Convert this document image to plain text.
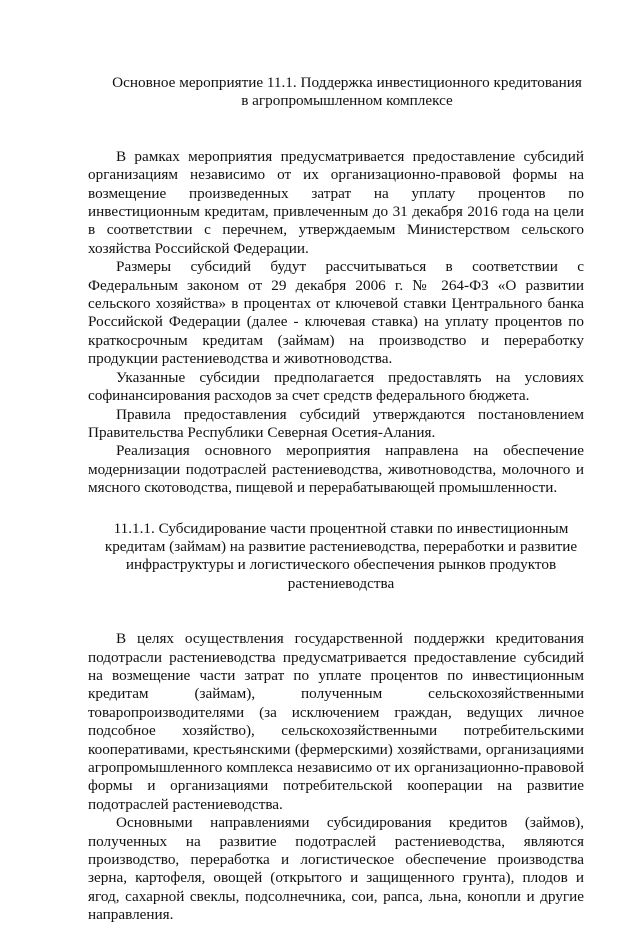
Основное мероприятие 11.1. Поддержка инвестиционного кредитования в агропромышленном комплексе

В рамках мероприятия предусматривается предоставление субсидий организациям независимо от их организационно-правовой формы на возмещение произведенных затрат на уплату процентов по инвестиционным кредитам, привлеченным до 31 декабря 2016 года на цели в соответствии с перечнем, утверждаемым Министерством сельского хозяйства Российской Федерации.

Размеры субсидий будут рассчитываться в соответствии с Федеральным законом от 29 декабря 2006 г. № 264-ФЗ «О развитии сельского хозяйства» в процентах от ключевой ставки Центрального банка Российской Федерации (далее - ключевая ставка) на уплату процентов по краткосрочным кредитам (займам) на производство и переработку продукции растениеводства и животноводства.

Указанные субсидии предполагается предоставлять на условиях софинансирования расходов за счет средств федерального бюджета.

Правила предоставления субсидий утверждаются постановлением Правительства Республики Северная Осетия-Алания.

Реализация основного мероприятия направлена на обеспечение модернизации подотраслей растениеводства, животноводства, молочного и мясного скотоводства, пищевой и перерабатывающей промышленности.

11.1.1. Субсидирование части процентной ставки по инвестиционным кредитам (займам) на развитие растениеводства, переработки и развитие инфраструктуры и логистического обеспечения рынков продуктов растениеводства

В целях осуществления государственной поддержки кредитования подотрасли растениеводства предусматривается предоставление субсидий на возмещение части затрат по уплате процентов по инвестиционным кредитам (займам), полученным сельскохозяйственными товаропроизводителями (за исключением граждан, ведущих личное подсобное хозяйство), сельскохозяйственными потребительскими кооперативами, крестьянскими (фермерскими) хозяйствами, организациями агропромышленного комплекса независимо от их организационно-правовой формы и организациями потребительской кооперации на развитие подотраслей растениеводства.

Основными направлениями субсидирования кредитов (займов), полученных на развитие подотраслей растениеводства, являются производство, переработка и логистическое обеспечение производства зерна, картофеля, овощей (открытого и защищенного грунта), плодов и ягод, сахарной свеклы, подсолнечника, сои, рапса, льна, конопли и другие направления.
